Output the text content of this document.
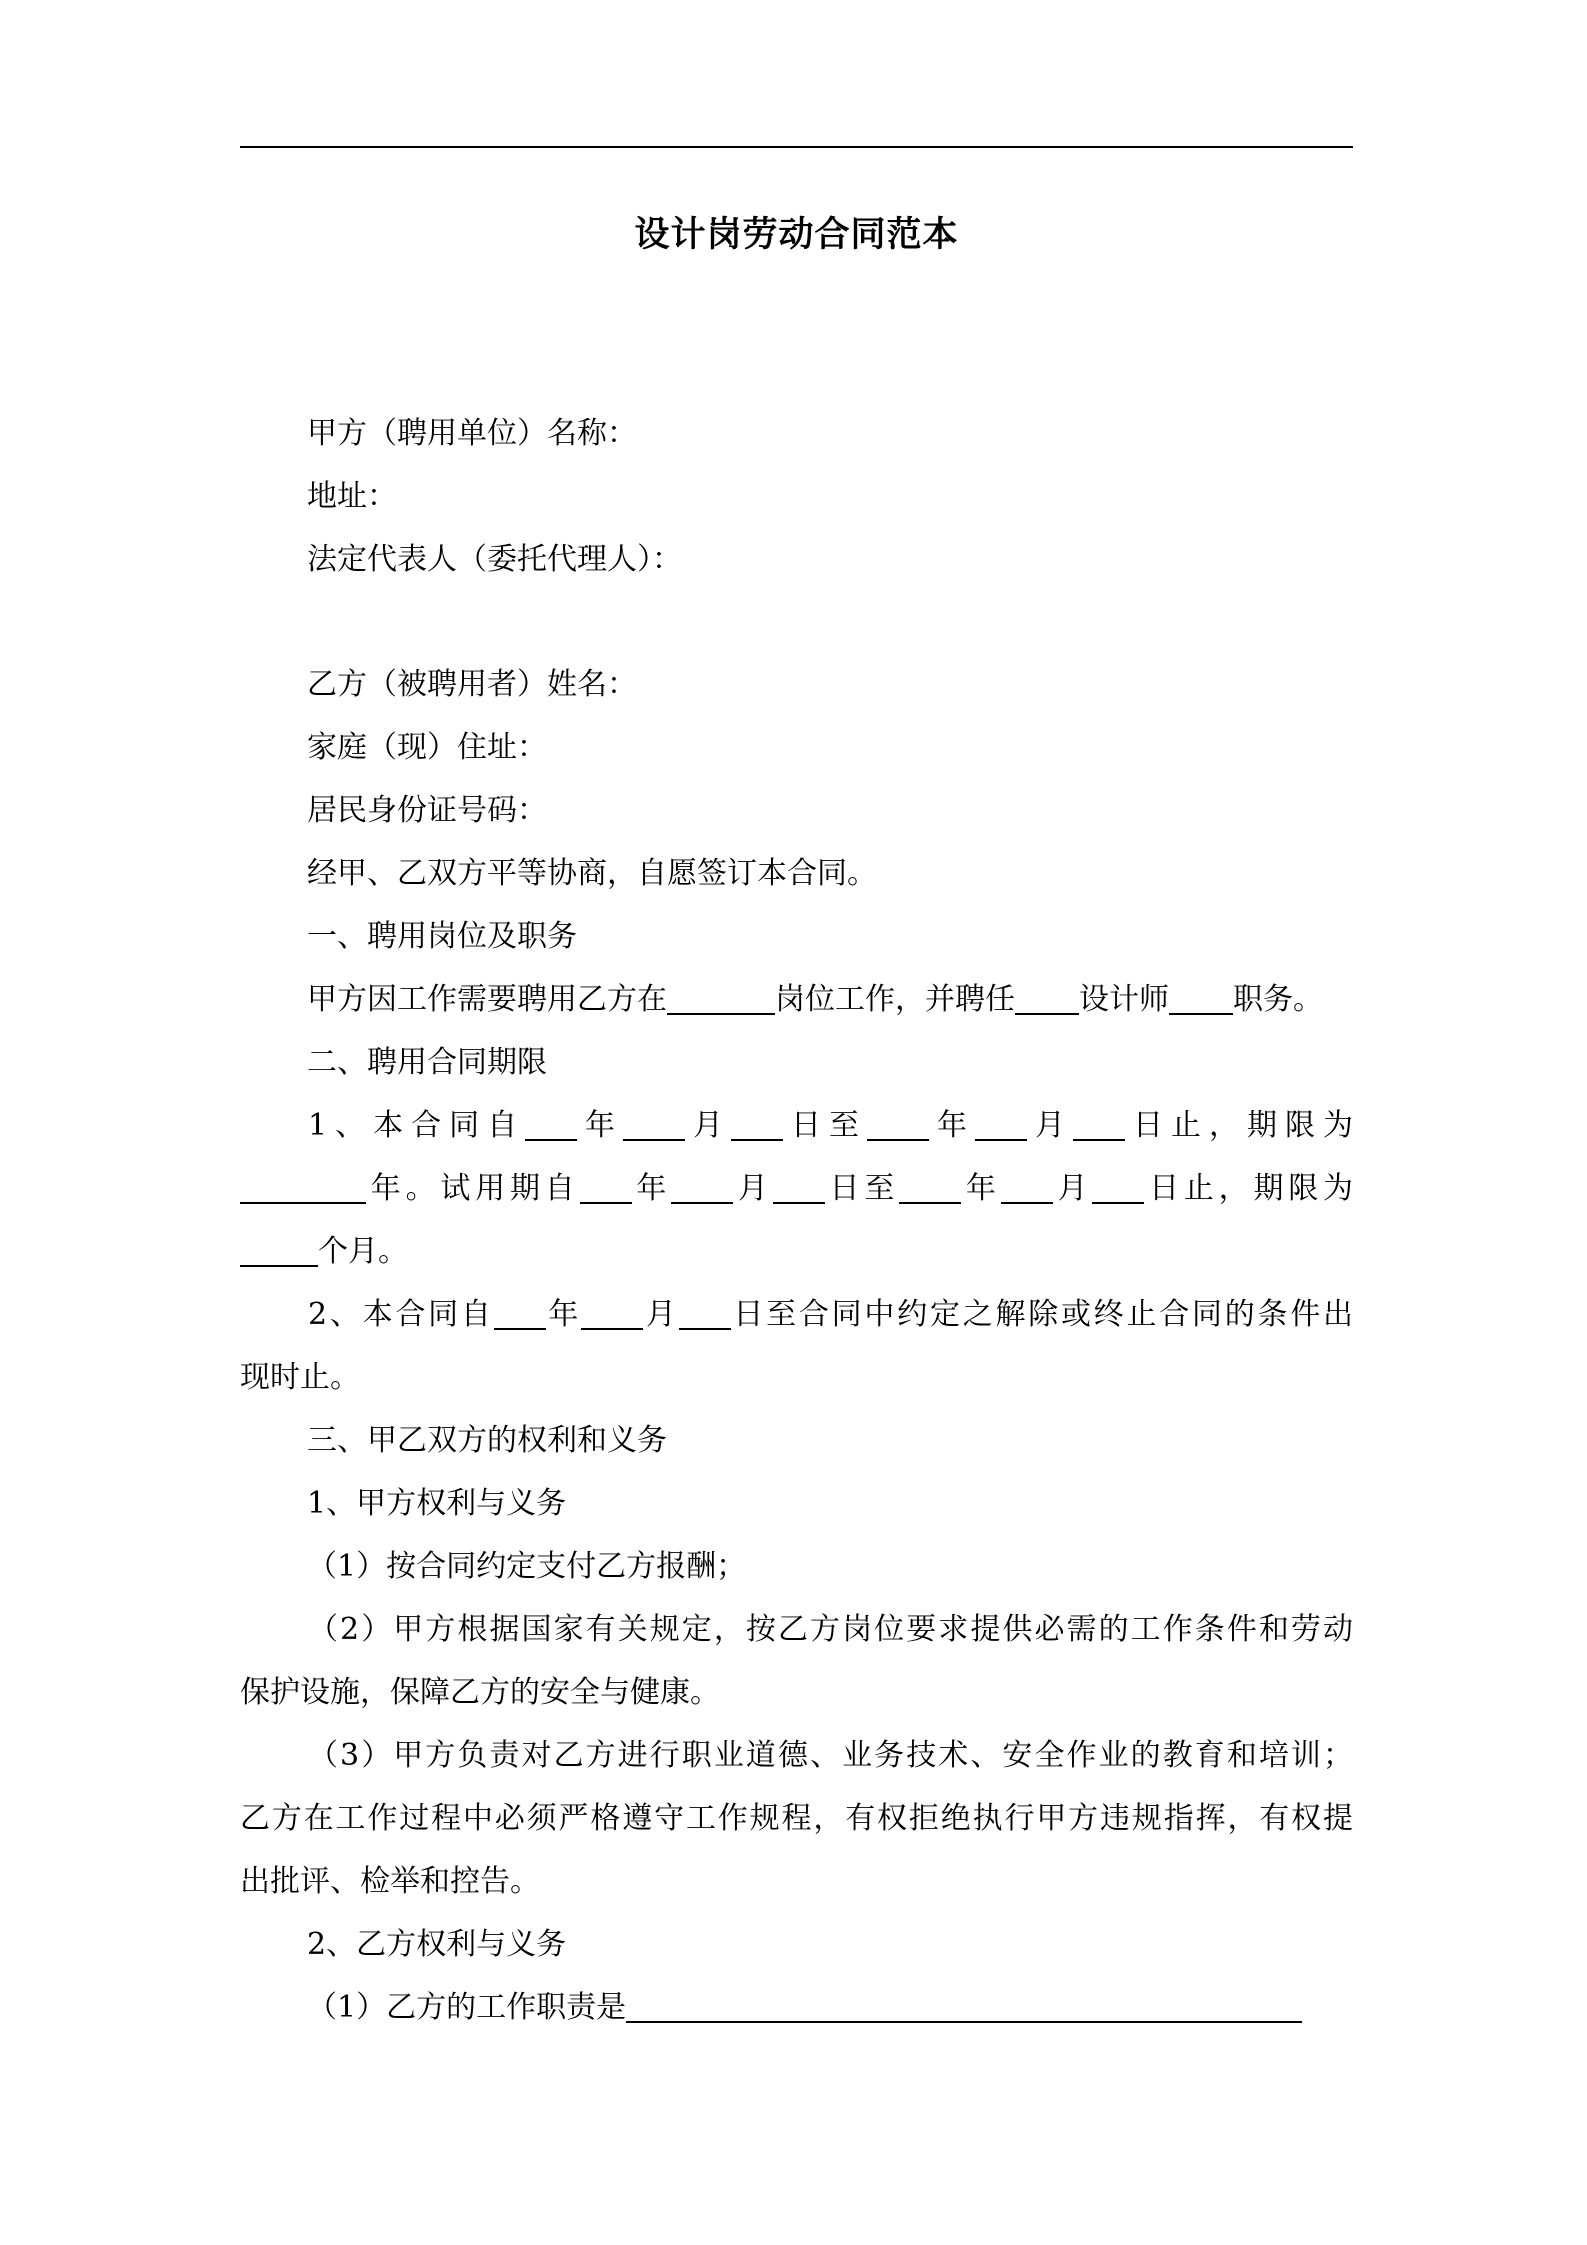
设计岗劳动合同范本
甲方（聘用单位）名称：
地址：
法定代表人（委托代理人）：
乙方（被聘用者）姓名：
家庭（现）住址：
居民身份证号码：
经甲、乙双方平等协商，自愿签订本合同。
一、聘用岗位及职务
甲方因工作需要聘用乙方在	岗位工作，并聘任 设计师 职务。
二、聘用合同期限
1、本合同自 年 月 日至 年 月 日止，期限为
年。试用期自 年 月 日至 年 月 日止，期限为
个月。
2、本合同自 年 月 日至合同中约定之解除或终止合同的条件出
现时止。
三、甲乙双方的权利和义务
1、甲方权利与义务
（1）按合同约定支付乙方报酬；
（2）甲方根据国家有关规定，按乙方岗位要求提供必需的工作条件和劳动
保护设施，保障乙方的安全与健康。
（3）甲方负责对乙方进行职业道德、业务技术、安全作业的教育和培训；
乙方在工作过程中必须严格遵守工作规程，有权拒绝执行甲方违规指挥，有权提
出批评、检举和控告。
2、乙方权利与义务
（1）乙方的工作职责是
